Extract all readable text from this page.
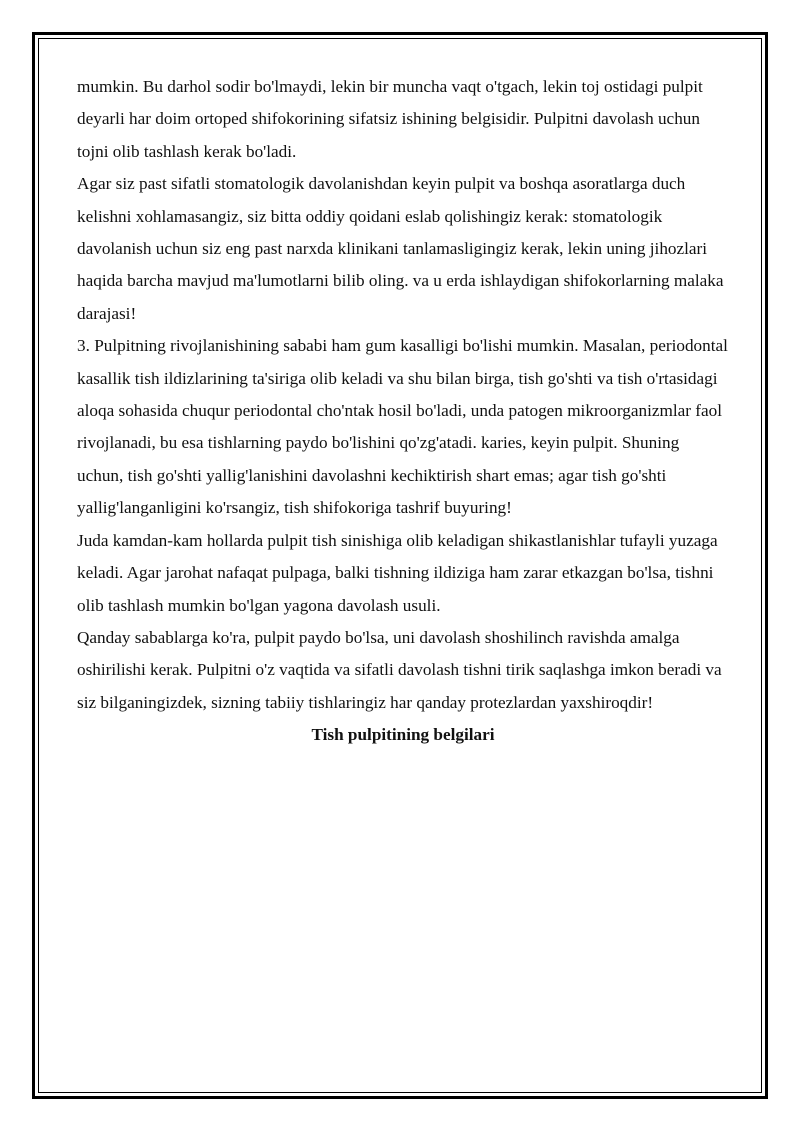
mumkin. Bu darhol sodir bo'lmaydi, lekin bir muncha vaqt o'tgach, lekin toj ostidagi pulpit deyarli har doim ortoped shifokorining sifatsiz ishining belgisidir. Pulpitni davolash uchun tojni olib tashlash kerak bo'ladi.

Agar siz past sifatli stomatologik davolanishdan keyin pulpit va boshqa asoratlarga duch kelishni xohlamasangiz, siz bitta oddiy qoidani eslab qolishingiz kerak: stomatologik davolanish uchun siz eng past narxda klinikani tanlamasligingiz kerak, lekin uning jihozlari haqida barcha mavjud ma'lumotlarni bilib oling. va u erda ishlaydigan shifokorlarning malaka darajasi!

3. Pulpitning rivojlanishining sababi ham gum kasalligi bo'lishi mumkin. Masalan, periodontal kasallik tish ildizlarining ta'siriga olib keladi va shu bilan birga, tish go'shti va tish o'rtasidagi aloqa sohasida chuqur periodontal cho'ntak hosil bo'ladi, unda patogen mikroorganizmlar faol rivojlanadi, bu esa tishlarning paydo bo'lishini qo'zg'atadi. karies, keyin pulpit. Shuning uchun, tish go'shti yallig'lanishini davolashni kechiktirish shart emas; agar tish go'shti yallig'langanligini ko'rsangiz, tish shifokoriga tashrif buyuring!

Juda kamdan-kam hollarda pulpit tish sinishiga olib keladigan shikastlanishlar tufayli yuzaga keladi. Agar jarohat nafaqat pulpaga, balki tishning ildiziga ham zarar etkazgan bo'lsa, tishni olib tashlash mumkin bo'lgan yagona davolash usuli.

Qanday sabablarga ko'ra, pulpit paydo bo'lsa, uni davolash shoshilinch ravishda amalga oshirilishi kerak. Pulpitni o'z vaqtida va sifatli davolash tishni tirik saqlashga imkon beradi va siz bilganingizdek, sizning tabiiy tishlaringiz har qanday protezlardan yaxshiroqdir!

Tish pulpitining belgilari
